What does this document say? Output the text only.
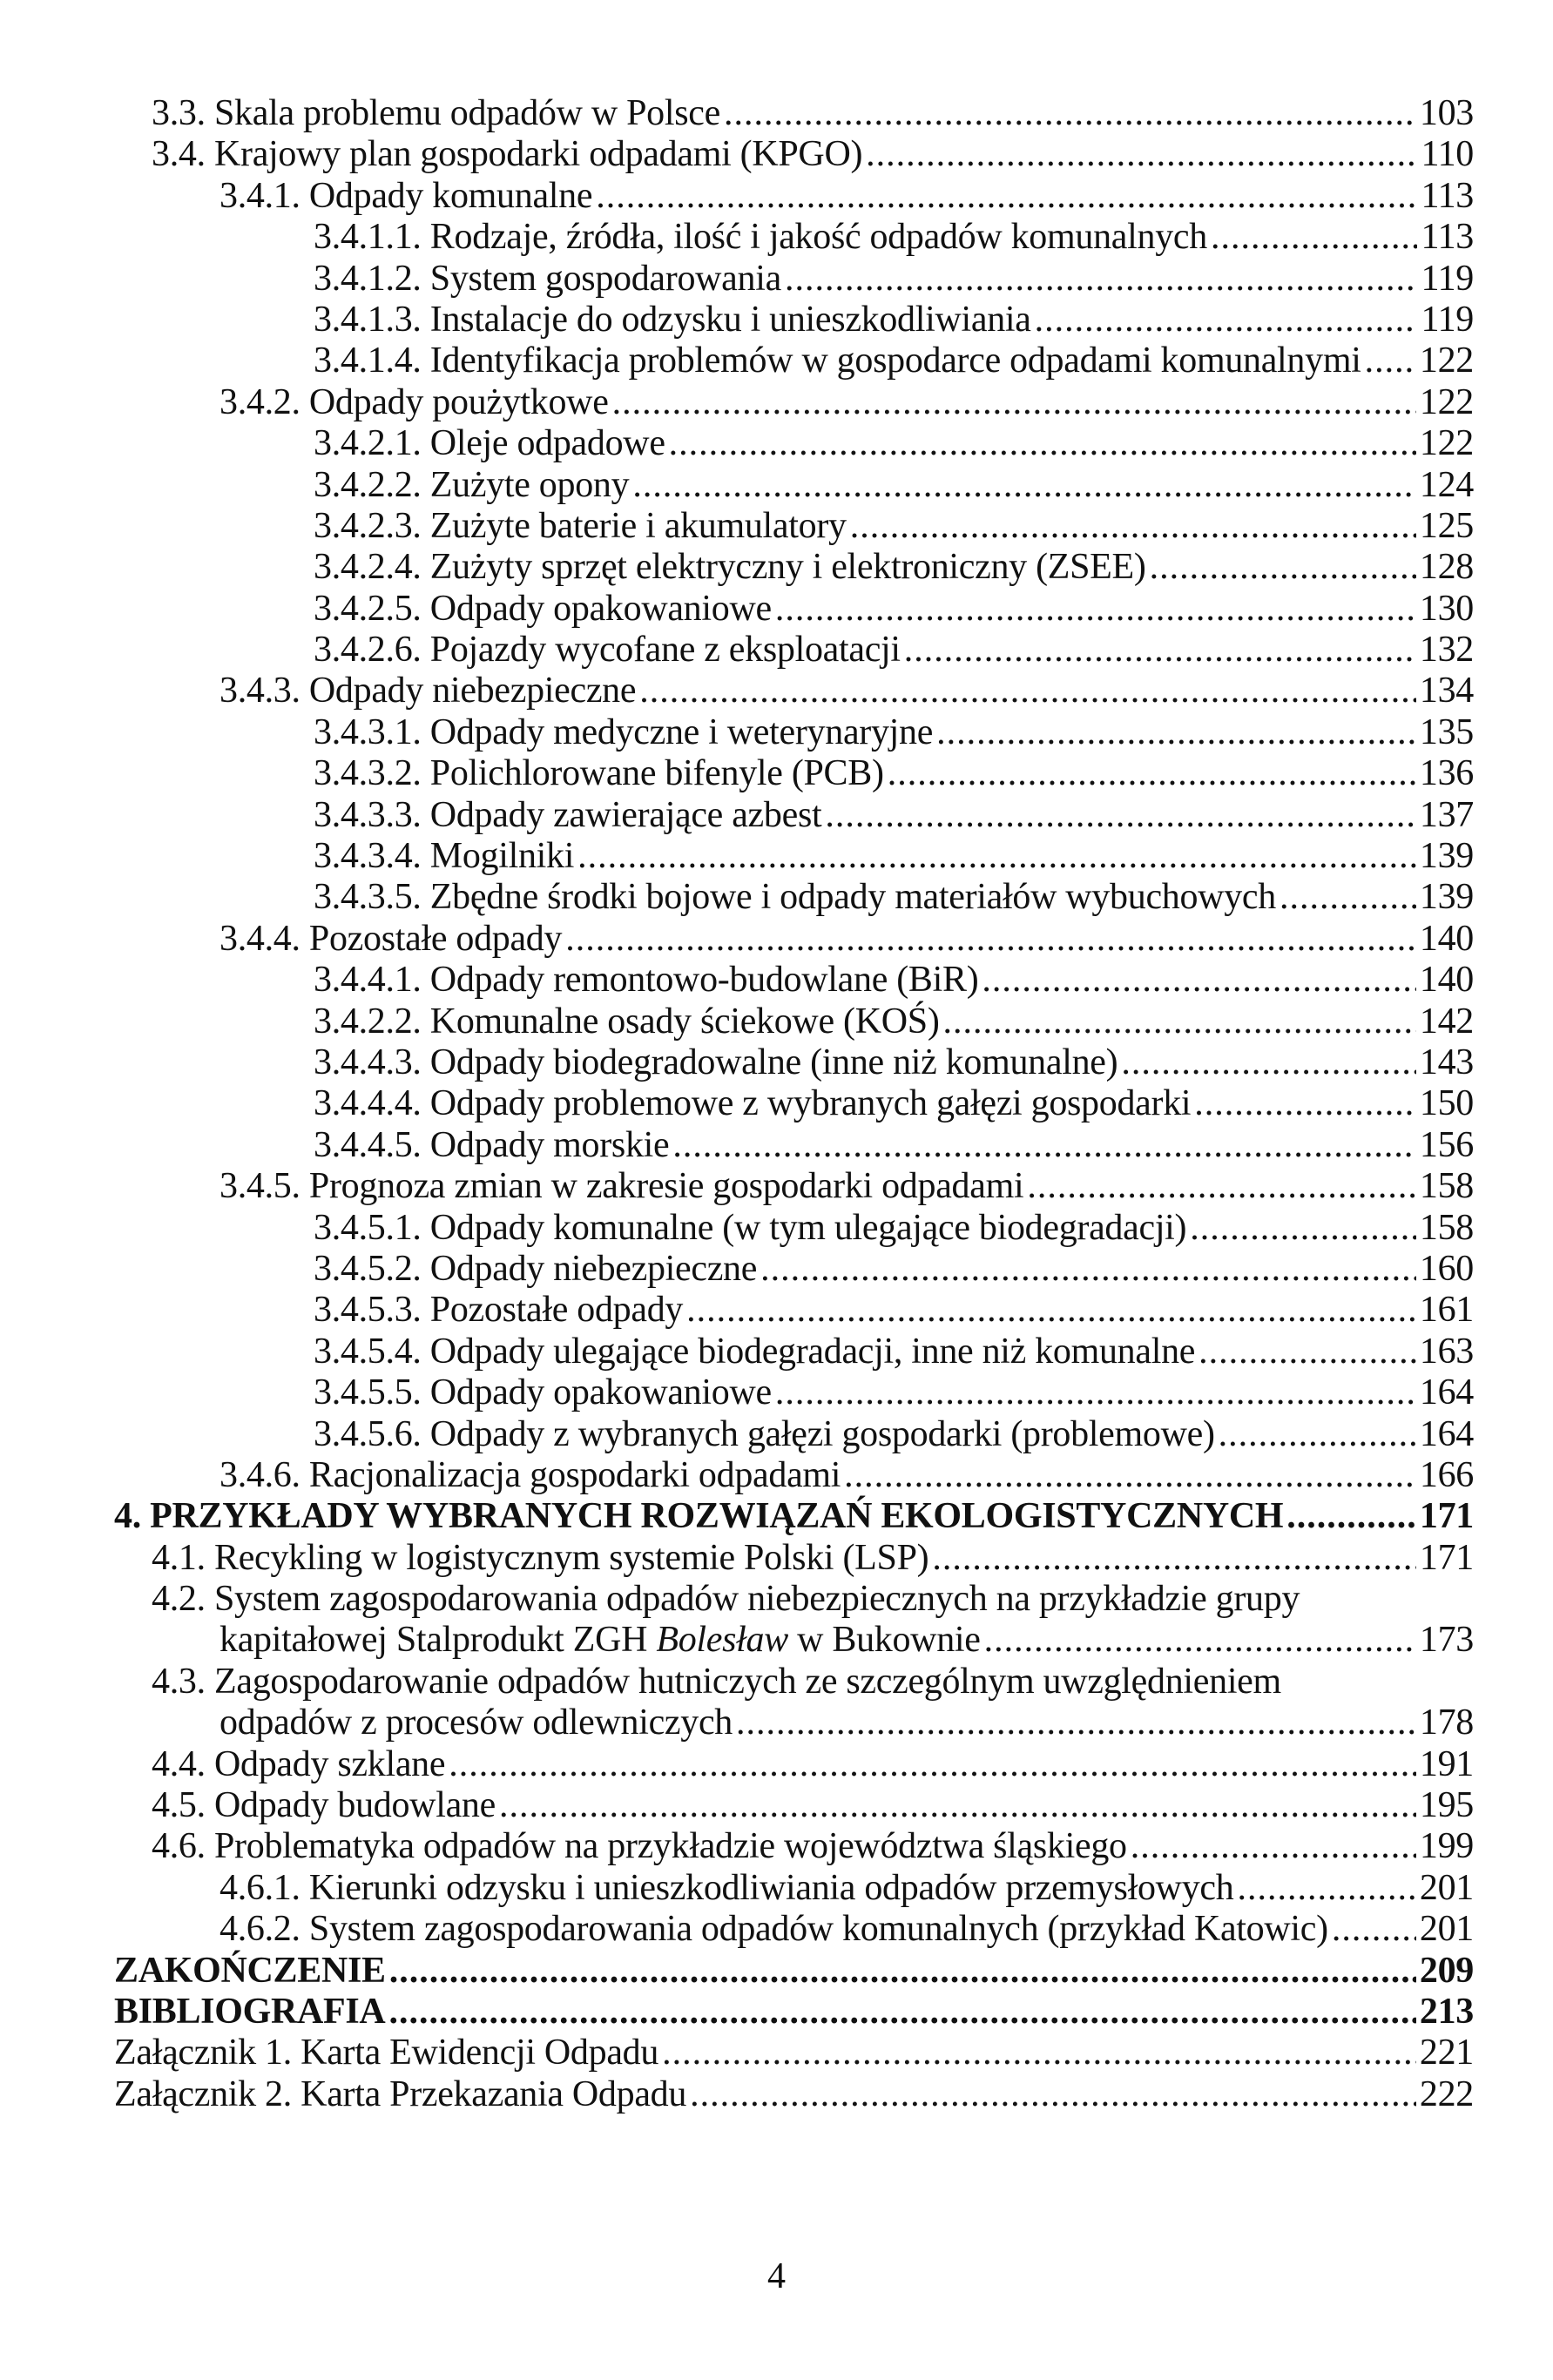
3.3. Skala problemu odpadów w Polsce .....	103
3.4. Krajowy plan gospodarki odpadami (KPGO) .....	110
3.4.1. Odpady komunalne .....	113
3.4.1.1. Rodzaje, źródła, ilość i jakość odpadów komunalnych .....	113
3.4.1.2. System gospodarowania .....	119
3.4.1.3. Instalacje do odzysku i unieszkodliwiania .....	119
3.4.1.4. Identyfikacja problemów w gospodarce odpadami komunalnymi ..... 122
3.4.2. Odpady poużytkowe .....	122
3.4.2.1. Oleje odpadowe .....	122
3.4.2.2. Zużyte opony .....	124
3.4.2.3. Zużyte baterie i akumulatory .....	125
3.4.2.4. Zużyty sprzęt elektryczny i elektroniczny (ZSEE) .....	128
3.4.2.5. Odpady opakowaniowe .....	130
3.4.2.6. Pojazdy wycofane z eksploatacji .....	132
3.4.3. Odpady niebezpieczne .....	134
3.4.3.1. Odpady medyczne i weterynaryjne .....	135
3.4.3.2. Polichlorowane bifenyle (PCB) .....	136
3.4.3.3. Odpady zawierające azbest .....	137
3.4.3.4. Mogilniki .....	139
3.4.3.5. Zbędne środki bojowe i odpady materiałów wybuchowych .....	139
3.4.4. Pozostałe odpady .....	140
3.4.4.1. Odpady remontowo-budowlane (BiR) .....	140
3.4.2.2. Komunalne osady ściekowe (KOŚ) .....	142
3.4.4.3. Odpady biodegradowalne (inne niż komunalne) .....	143
3.4.4.4. Odpady problemowe z wybranych gałęzi gospodarki .....	150
3.4.4.5. Odpady morskie .....	156
3.4.5. Prognoza zmian w zakresie gospodarki odpadami .....	158
3.4.5.1. Odpady komunalne (w tym ulegające biodegradacji) .....	158
3.4.5.2. Odpady niebezpieczne .....	160
3.4.5.3. Pozostałe odpady .....	161
3.4.5.4. Odpady ulegające biodegradacji, inne niż komunalne .....	163
3.4.5.5. Odpady opakowaniowe .....	164
3.4.5.6. Odpady z wybranych gałęzi gospodarki (problemowe) .....	164
3.4.6. Racjonalizacja gospodarki odpadami .....	166
4. PRZYKŁADY WYBRANYCH ROZWIĄZAŃ EKOLOGISTYCZNYCH .....	171
4.1. Recykling w logistycznym systemie Polski (LSP) .....	171
4.2. System zagospodarowania odpadów niebezpiecznych na przykładzie grupy
kapitałowej Stalprodukt ZGH Bolesław w Bukownie .....	173
4.3. Zagospodarowanie odpadów hutniczych ze szczególnym uwzględnieniem
odpadów z procesów odlewniczych .....	178
4.4. Odpady szklane .....	191
4.5. Odpady budowlane .....	195
4.6. Problematyka odpadów na przykładzie województwa śląskiego .....	199
4.6.1. Kierunki odzysku i unieszkodliwiania odpadów przemysłowych .....	201
4.6.2. System zagospodarowania odpadów komunalnych (przykład Katowic) .....	201
ZAKOŃCZENIE .....	209
BIBLIOGRAFIA .....	213
Załącznik 1. Karta Ewidencji Odpadu .....	221
Załącznik 2. Karta Przekazania Odpadu .....	222
4
